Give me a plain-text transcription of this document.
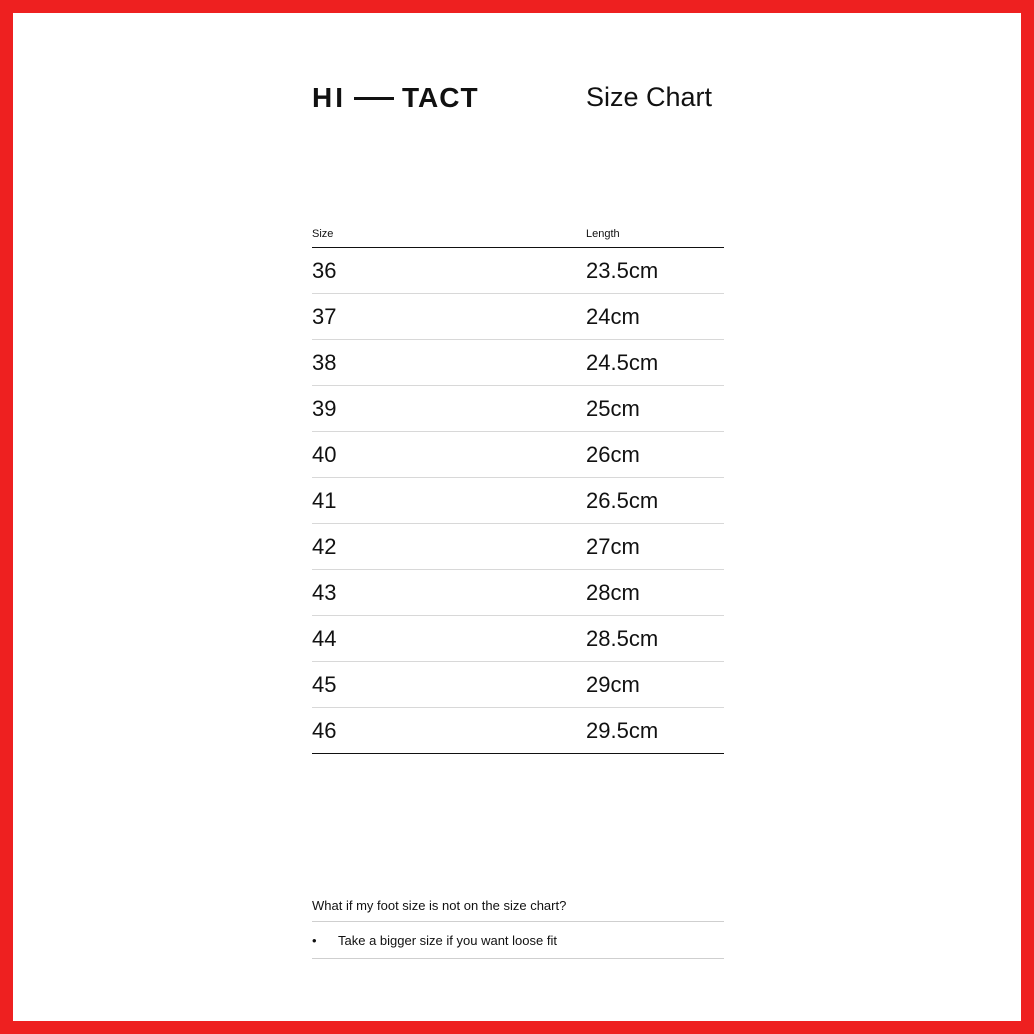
HI TACT	Size Chart
Size	Length
36	23.5cm
37	24cm
38	24.5cm
39	25cm
40	26cm
41	26.5cm
42	27cm
43	28cm
44	28.5cm
45	29cm
46	29.5cm
What if my foot size is not on the size chart?
•	Take a bigger size if you want loose fit
